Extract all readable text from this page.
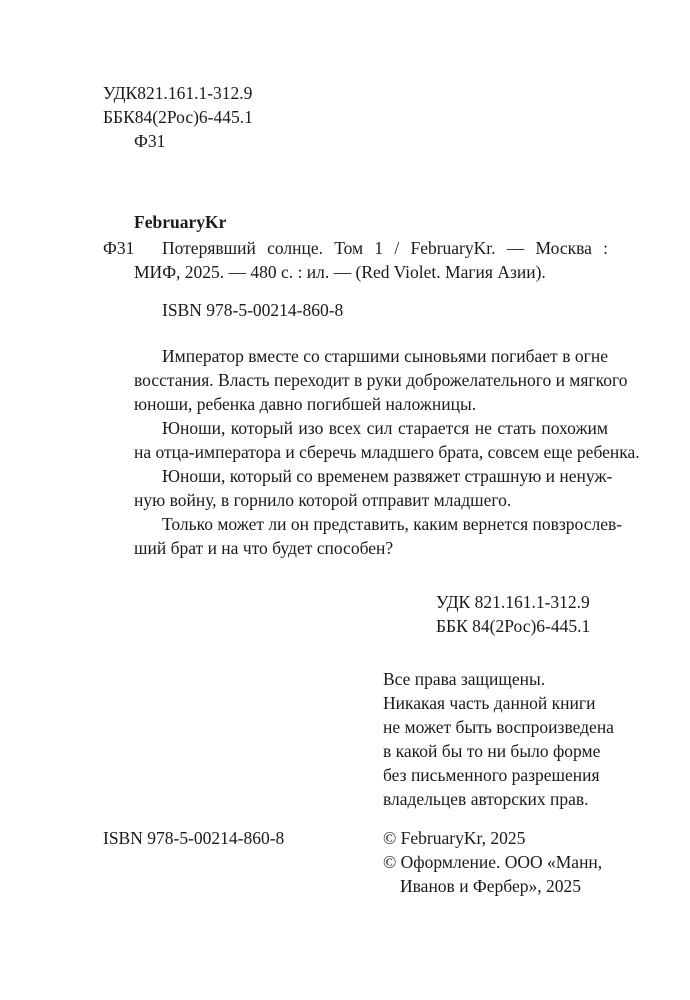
УДК821.161.1-312.9
ББК84(2Рос)6-445.1
Ф31
FebruaryKr
Ф31 Потерявший солнце. Том 1 / FebruaryKr. — Москва :
МИФ, 2025. — 480 с. : ил. — (Red Violet. Магия Азии).
ISBN 978-5-00214-860-8
Император вместе со старшими сыновьями погибает в огне
восстания. Власть переходит в руки доброжелательного и мягкого
юноши, ребенка давно погибшей наложницы.
Юноши, который изо всех сил старается не стать похожим
на отца-императора и сберечь младшего брата, совсем еще ребенка.
Юноши, который со временем развяжет страшную и ненуж-
ную войну, в горнило которой отправит младшего.
Только может ли он представить, каким вернется повзрослев-
ший брат и на что будет способен?
УДК 821.161.1-312.9
ББК 84(2Рос)6-445.1
Все права защищены.
Никакая часть данной книги
не может быть воспроизведена
в какой бы то ни было форме
без письменного разрешения
владельцев авторских прав.
ISBN 978-5-00214-860-8	© FebruaryKr, 2025
© Оформление. ООО «Манн,
Иванов и Фербер», 2025
